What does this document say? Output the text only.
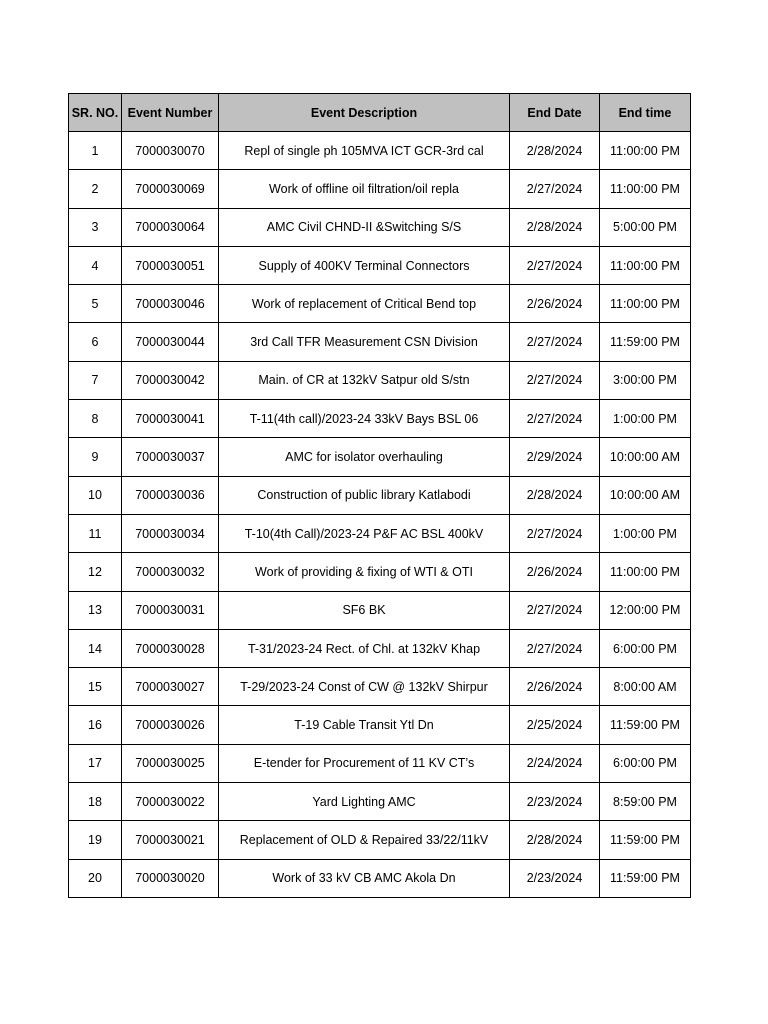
SR. NO.	Event Number	Event Description	End Date	End time
1	7000030070	Repl of single ph 105MVA ICT GCR-3rd cal	2/28/2024	11:00:00 PM
2	7000030069	Work of offline oil filtration/oil repla	2/27/2024	11:00:00 PM
3	7000030064	AMC Civil CHND-II &Switching S/S	2/28/2024	5:00:00 PM
4	7000030051	Supply of 400KV Terminal Connectors	2/27/2024	11:00:00 PM
5	7000030046	Work of replacement of Critical Bend top	2/26/2024	11:00:00 PM
6	7000030044	3rd Call TFR Measurement CSN Division	2/27/2024	11:59:00 PM
7	7000030042	Main. of CR at 132kV Satpur old S/stn	2/27/2024	3:00:00 PM
8	7000030041	T-11(4th call)/2023-24 33kV Bays BSL 06	2/27/2024	1:00:00 PM
9	7000030037	AMC for isolator overhauling	2/29/2024	10:00:00 AM
10	7000030036	Construction of public library Katlabodi	2/28/2024	10:00:00 AM
11	7000030034	T-10(4th Call)/2023-24 P&F AC BSL 400kV	2/27/2024	1:00:00 PM
12	7000030032	Work of providing & fixing of WTI & OTI	2/26/2024	11:00:00 PM
13	7000030031	SF6 BK	2/27/2024	12:00:00 PM
14	7000030028	T-31/2023-24 Rect. of Chl. at 132kV Khap	2/27/2024	6:00:00 PM
15	7000030027	T-29/2023-24 Const of CW @ 132kV Shirpur	2/26/2024	8:00:00 AM
16	7000030026	T-19 Cable Transit Ytl Dn	2/25/2024	11:59:00 PM
17	7000030025	E-tender for Procurement of 11 KV CT’s	2/24/2024	6:00:00 PM
18	7000030022	Yard Lighting AMC	2/23/2024	8:59:00 PM
19	7000030021	Replacement of OLD & Repaired 33/22/11kV	2/28/2024	11:59:00 PM
20	7000030020	Work of 33 kV CB AMC Akola Dn	2/23/2024	11:59:00 PM
